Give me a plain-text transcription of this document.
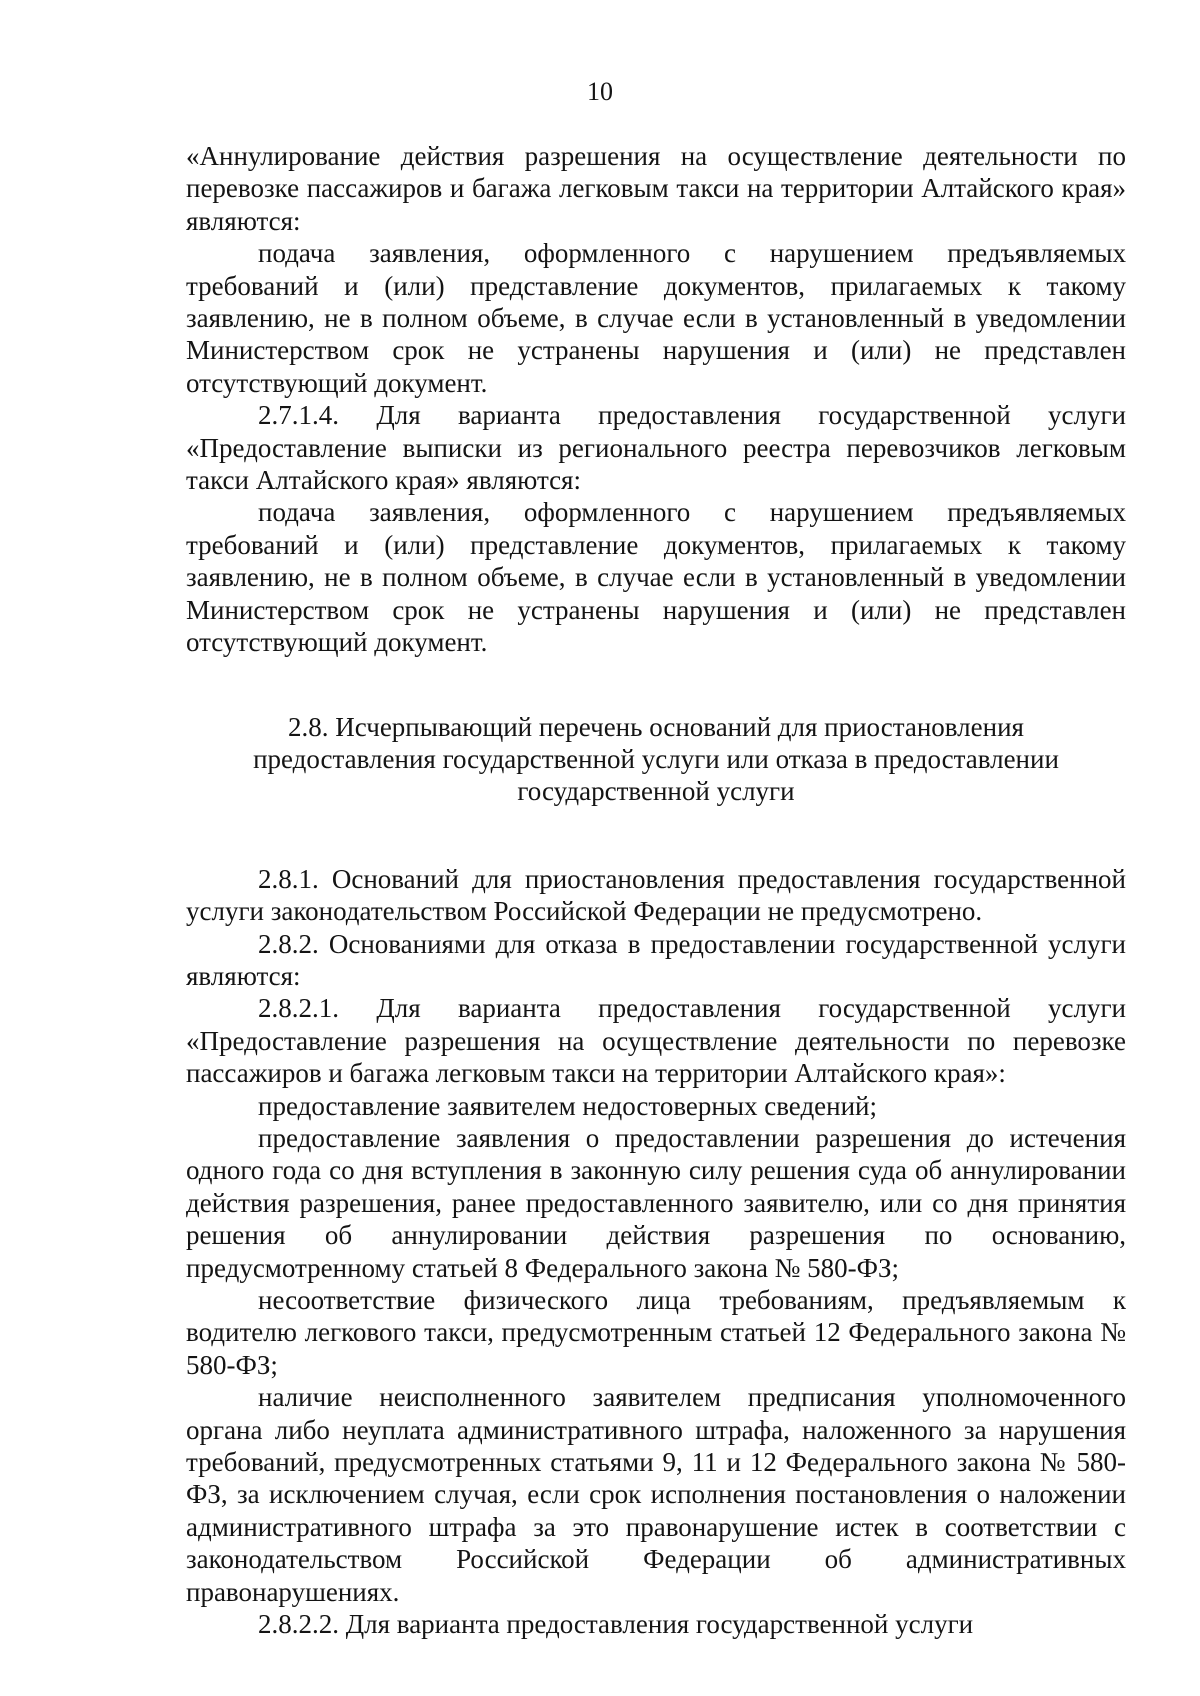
10

«Аннулирование действия разрешения на осуществление деятельности по перевозке пассажиров и багажа легковым такси на территории Алтайского края» являются:

подача заявления, оформленного с нарушением предъявляемых требований и (или) представление документов, прилагаемых к такому заявлению, не в полном объеме, в случае если в установленный в уведомлении Министерством срок не устранены нарушения и (или) не представлен отсутствующий документ.

2.7.1.4. Для варианта предоставления государственной услуги «Предоставление выписки из регионального реестра перевозчиков легковым такси Алтайского края» являются:

подача заявления, оформленного с нарушением предъявляемых требований и (или) представление документов, прилагаемых к такому заявлению, не в полном объеме, в случае если в установленный в уведомлении Министерством срок не устранены нарушения и (или) не представлен отсутствующий документ.

2.8. Исчерпывающий перечень оснований для приостановления
предоставления государственной услуги или отказа в предоставлении
государственной услуги

2.8.1. Оснований для приостановления предоставления государственной услуги законодательством Российской Федерации не предусмотрено.

2.8.2. Основаниями для отказа в предоставлении государственной услуги являются:

2.8.2.1. Для варианта предоставления государственной услуги «Предоставление разрешения на осуществление деятельности по перевозке пассажиров и багажа легковым такси на территории Алтайского края»:

предоставление заявителем недостоверных сведений;

предоставление заявления о предоставлении разрешения до истечения одного года со дня вступления в законную силу решения суда об аннулировании действия разрешения, ранее предоставленного заявителю, или со дня принятия решения об аннулировании действия разрешения по основанию, предусмотренному статьей 8 Федерального закона № 580-ФЗ;

несоответствие физического лица требованиям, предъявляемым к водителю легкового такси, предусмотренным статьей 12 Федерального закона № 580-ФЗ;

наличие неисполненного заявителем предписания уполномоченного органа либо неуплата административного штрафа, наложенного за нарушения требований, предусмотренных статьями 9, 11 и 12 Федерального закона № 580-ФЗ, за исключением случая, если срок исполнения постановления о наложении административного штрафа за это правонарушение истек в соответствии с законодательством Российской Федерации об административных правонарушениях.

2.8.2.2. Для варианта предоставления государственной услуги
